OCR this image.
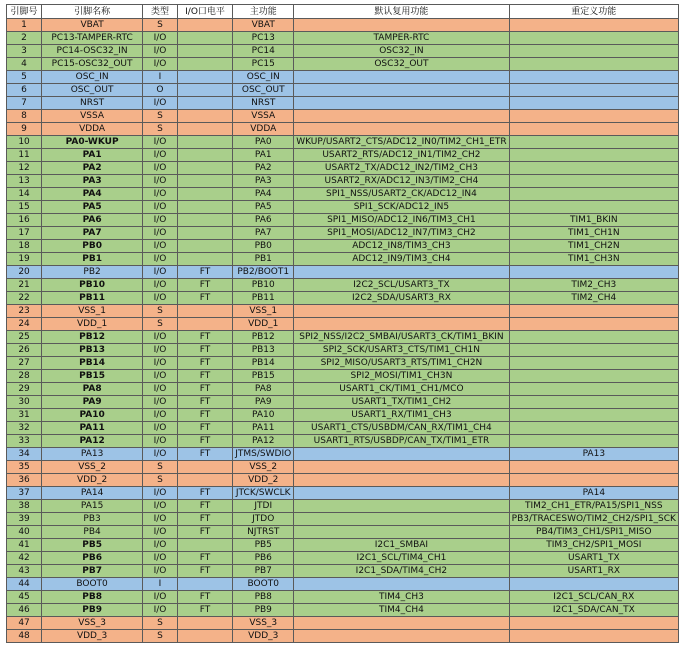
引脚号	引脚名称	类型	I/O口电平	主功能	默认复用功能	重定义功能
1	VBAT	S		VBAT		
2	PC13-TAMPER-RTC	I/O		PC13	TAMPER-RTC	
3	PC14-OSC32_IN	I/O		PC14	OSC32_IN	
4	PC15-OSC32_OUT	I/O		PC15	OSC32_OUT	
5	OSC_IN	I		OSC_IN		
6	OSC_OUT	O		OSC_OUT		
7	NRST	I/O		NRST		
8	VSSA	S		VSSA		
9	VDDA	S		VDDA		
10	PA0-WKUP	I/O		PA0	WKUP/USART2_CTS/ADC12_IN0/TIM2_CH1_ETR	
11	PA1	I/O		PA1	USART2_RTS/ADC12_IN1/TIM2_CH2	
12	PA2	I/O		PA2	USART2_TX/ADC12_IN2/TIM2_CH3	
13	PA3	I/O		PA3	USART2_RX/ADC12_IN3/TIM2_CH4	
14	PA4	I/O		PA4	SPI1_NSS/USART2_CK/ADC12_IN4	
15	PA5	I/O		PA5	SPI1_SCK/ADC12_IN5	
16	PA6	I/O		PA6	SPI1_MISO/ADC12_IN6/TIM3_CH1	TIM1_BKIN
17	PA7	I/O		PA7	SPI1_MOSI/ADC12_IN7/TIM3_CH2	TIM1_CH1N
18	PB0	I/O		PB0	ADC12_IN8/TIM3_CH3	TIM1_CH2N
19	PB1	I/O		PB1	ADC12_IN9/TIM3_CH4	TIM1_CH3N
20	PB2	I/O	FT	PB2/BOOT1		
21	PB10	I/O	FT	PB10	I2C2_SCL/USART3_TX	TIM2_CH3
22	PB11	I/O	FT	PB11	I2C2_SDA/USART3_RX	TIM2_CH4
23	VSS_1	S		VSS_1		
24	VDD_1	S		VDD_1		
25	PB12	I/O	FT	PB12	SPI2_NSS/I2C2_SMBAI/USART3_CK/TIM1_BKIN	
26	PB13	I/O	FT	PB13	SPI2_SCK/USART3_CTS/TIM1_CH1N	
27	PB14	I/O	FT	PB14	SPI2_MISO/USART3_RTS/TIM1_CH2N	
28	PB15	I/O	FT	PB15	SPI2_MOSI/TIM1_CH3N	
29	PA8	I/O	FT	PA8	USART1_CK/TIM1_CH1/MCO	
30	PA9	I/O	FT	PA9	USART1_TX/TIM1_CH2	
31	PA10	I/O	FT	PA10	USART1_RX/TIM1_CH3	
32	PA11	I/O	FT	PA11	USART1_CTS/USBDM/CAN_RX/TIM1_CH4	
33	PA12	I/O	FT	PA12	USART1_RTS/USBDP/CAN_TX/TIM1_ETR	
34	PA13	I/O	FT	JTMS/SWDIO		PA13
35	VSS_2	S		VSS_2		
36	VDD_2	S		VDD_2		
37	PA14	I/O	FT	JTCK/SWCLK		PA14
38	PA15	I/O	FT	JTDI		TIM2_CH1_ETR/PA15/SPI1_NSS
39	PB3	I/O	FT	JTDO		PB3/TRACESWO/TIM2_CH2/SPI1_SCK
40	PB4	I/O	FT	NJTRST		PB4/TIM3_CH1/SPI1_MISO
41	PB5	I/O		PB5	I2C1_SMBAI	TIM3_CH2/SPI1_MOSI
42	PB6	I/O	FT	PB6	I2C1_SCL/TIM4_CH1	USART1_TX
43	PB7	I/O	FT	PB7	I2C1_SDA/TIM4_CH2	USART1_RX
44	BOOT0	I		BOOT0		
45	PB8	I/O	FT	PB8	TIM4_CH3	I2C1_SCL/CAN_RX
46	PB9	I/O	FT	PB9	TIM4_CH4	I2C1_SDA/CAN_TX
47	VSS_3	S		VSS_3		
48	VDD_3	S		VDD_3		
